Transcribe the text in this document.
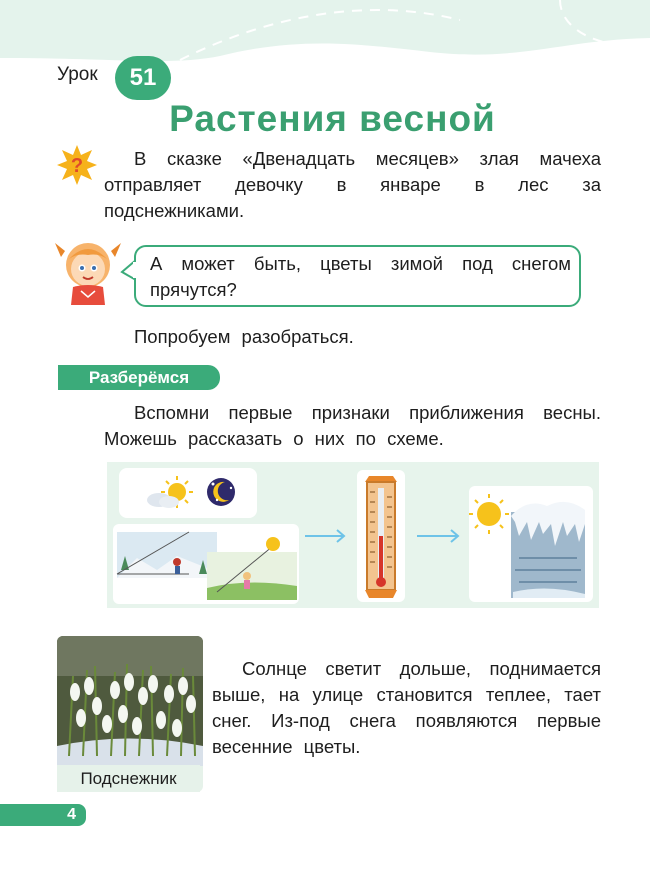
Урок	51
Растения весной
?	В сказке «Двенадцать месяцев» злая мачеха отправляет девочку в январе в лес за подснежниками.
А может быть, цветы зимой под снегом прячутся?
Попробуем разобраться.
Разберёмся
Вспомни первые признаки приближения весны. Можешь рассказать о них по схеме.
Подснежник
Солнце светит дольше, поднимается выше, на улице становится теплее, тает снег. Из-под снега появляются первые весенние цветы.
4
